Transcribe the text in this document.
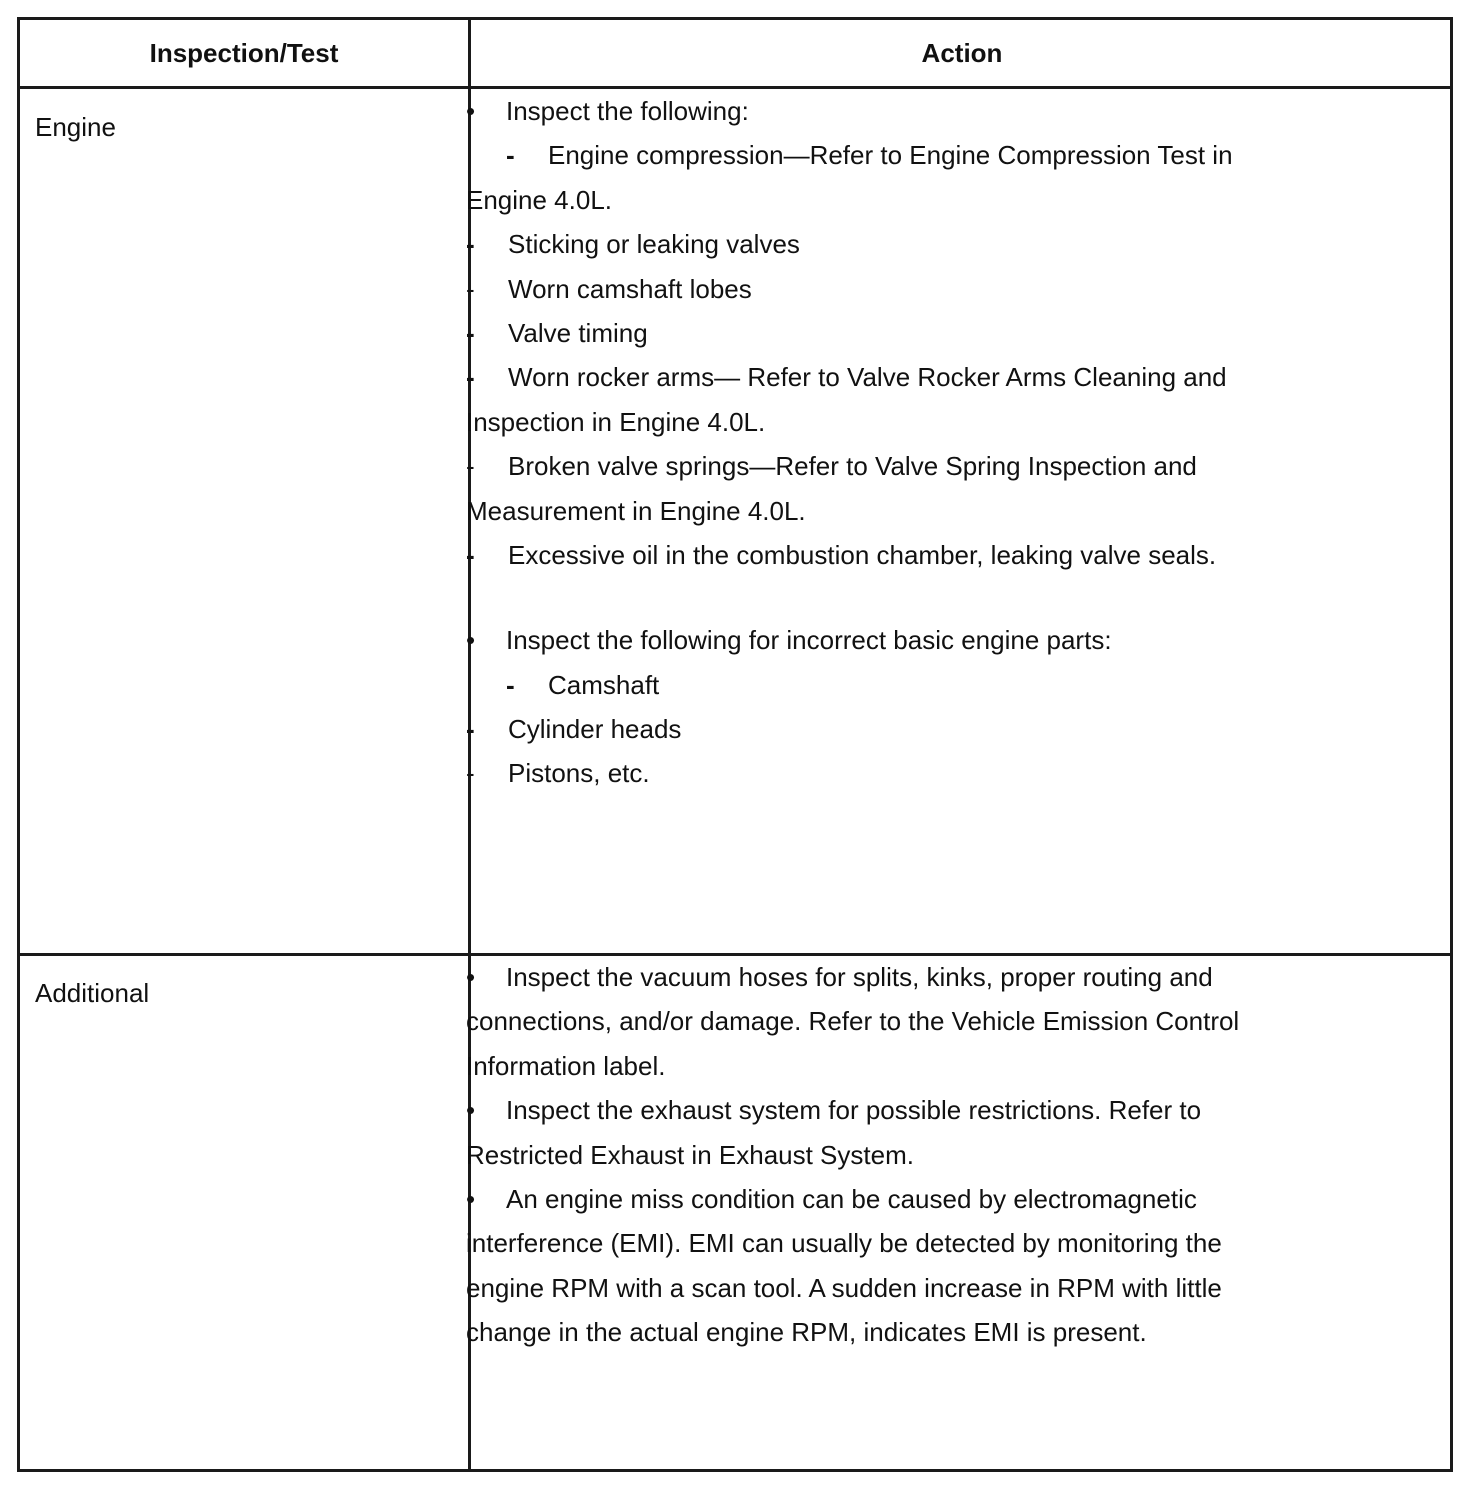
Inspection/Test	Action
Engine
Additional
• Inspect the following:
- Engine compression—Refer to Engine Compression Test in
Engine 4.0L.
- Sticking or leaking valves
- Worn camshaft lobes
- Valve timing
- Worn rocker arms— Refer to Valve Rocker Arms Cleaning and
Inspection in Engine 4.0L.
- Broken valve springs—Refer to Valve Spring Inspection and
Measurement in Engine 4.0L.
- Excessive oil in the combustion chamber, leaking valve seals.
• Inspect the following for incorrect basic engine parts:
- Camshaft
- Cylinder heads
- Pistons, etc.
• Inspect the vacuum hoses for splits, kinks, proper routing and
connections, and/or damage. Refer to the Vehicle Emission Control
Information label.
• Inspect the exhaust system for possible restrictions. Refer to
Restricted Exhaust in Exhaust System.
• An engine miss condition can be caused by electromagnetic
interference (EMI). EMI can usually be detected by monitoring the
engine RPM with a scan tool. A sudden increase in RPM with little
change in the actual engine RPM, indicates EMI is present.
